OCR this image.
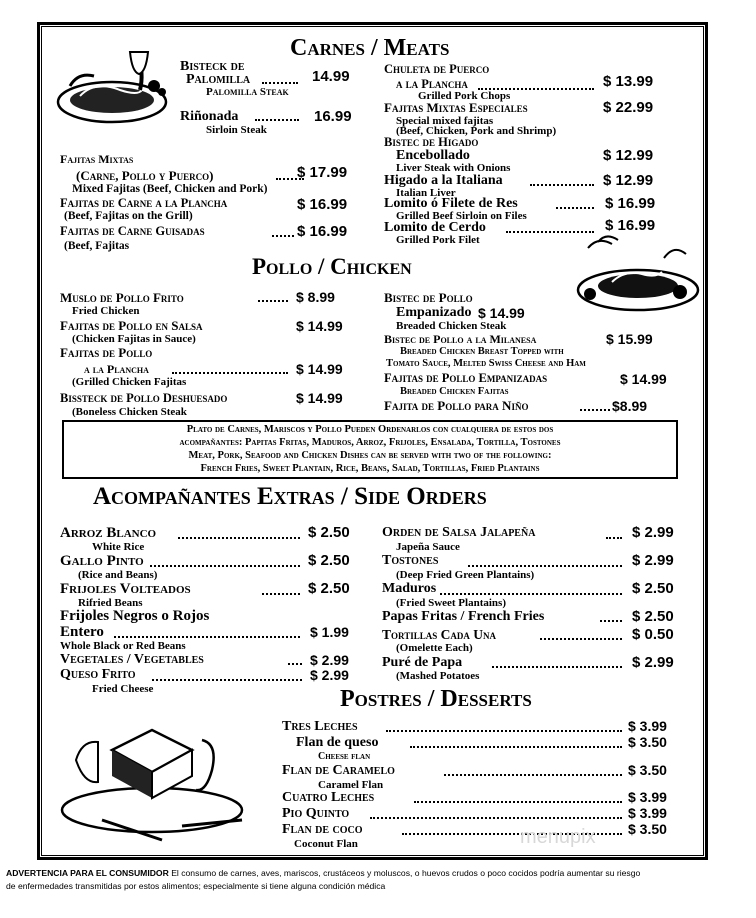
Carnes / Meats
Bisteck de
Palomilla	14.99
Palomilla Steak
Riñonada	16.99
Sirloin Steak
Fajitas Mixtas
(Carne, Pollo y Puerco)	$ 17.99
Mixed Fajitas (Beef, Chicken and Pork)
Fajitas de Carne a la Plancha	$ 16.99
(Beef, Fajitas on the Grill)
Fajitas de Carne Guisadas	$ 16.99
(Beef, Fajitas
Chuleta de Puerco
a la Plancha	$ 13.99
Grilled Pork Chops
Fajitas Mixtas Especiales	$ 22.99
Special mixed fajitas
(Beef, Chicken, Pork and Shrimp)
Bistec de Higado
Encebollado	$ 12.99
Liver Steak with Onions
Higado a la Italiana	$ 12.99
Italian Liver
Lomito ó Filete de Res	$ 16.99
Grilled Beef Sirloin on Files
Lomito de Cerdo	$ 16.99
Grilled Pork Filet
Pollo / Chicken
Muslo de Pollo Frito	$ 8.99
Fried Chicken
Fajitas de Pollo en Salsa	$ 14.99
(Chicken Fajitas in Sauce)
Fajitas de Pollo
a la Plancha	$ 14.99
(Grilled Chicken Fajitas
Bissteck de Pollo Deshuesado	$ 14.99
(Boneless Chicken Steak
Bistec de Pollo
Empanizado $ 14.99
Breaded Chicken Steak
Bistec de Pollo a la Milanesa	$ 15.99
Breaded Chicken Breast Topped with
Tomato Sauce, Melted Swiss Cheese and Ham
Fajitas de Pollo Empanizadas	$ 14.99
Breaded Chicken Fajitas
Fajita de Pollo para Niño	$8.99
Plato de Carnes, Mariscos y Pollo Pueden Ordenarlos con cualquiera de estos dos
acompañantes: Papitas Fritas, Maduros, Arroz, Frijoles, Ensalada, Tortilla, Tostones
Meat, Pork, Seafood and Chicken Dishes can be served with two of the following:
French Fries, Sweet Plantain, Rice, Beans, Salad, Tortillas, Fried Plantains
Acompañantes Extras / Side Orders
Arroz Blanco	$ 2.50
White Rice
Gallo Pinto	$ 2.50
(Rice and Beans)
Frijoles Volteados	$ 2.50
Rifried Beans
Frijoles Negros o Rojos
Entero	$ 1.99
Whole Black or Red Beans
Vegetales / Vegetables	$ 2.99
Queso Frito	$ 2.99
Fried Cheese
Orden de Salsa Jalapeña	$ 2.99
Japeña Sauce
Tostones	$ 2.99
(Deep Fried Green Plantains)
Maduros	$ 2.50
(Fried Sweet Plantains)
Papas Fritas / French Fries	$ 2.50
Tortillas Cada Una	$ 0.50
(Omelette Each)
Puré de Papa	$ 2.99
(Mashed Potatoes
Postres / Desserts
Tres Leches	$ 3.99
Flan de queso	$ 3.50
Cheese flan
Flan de Caramelo	$ 3.50
Caramel Flan
Cuatro Leches	$ 3.99
Pio Quinto	$ 3.99
Flan de coco	$ 3.50
Coconut Flan	menupix
ADVERTENCIA PARA EL CONSUMIDOR El consumo de carnes, aves, mariscos, crustáceos y moluscos, o huevos crudos o poco cocidos podría aumentar su riesgo
de enfermedades transmitidas por estos alimentos; especialmente si tiene alguna condición médica
